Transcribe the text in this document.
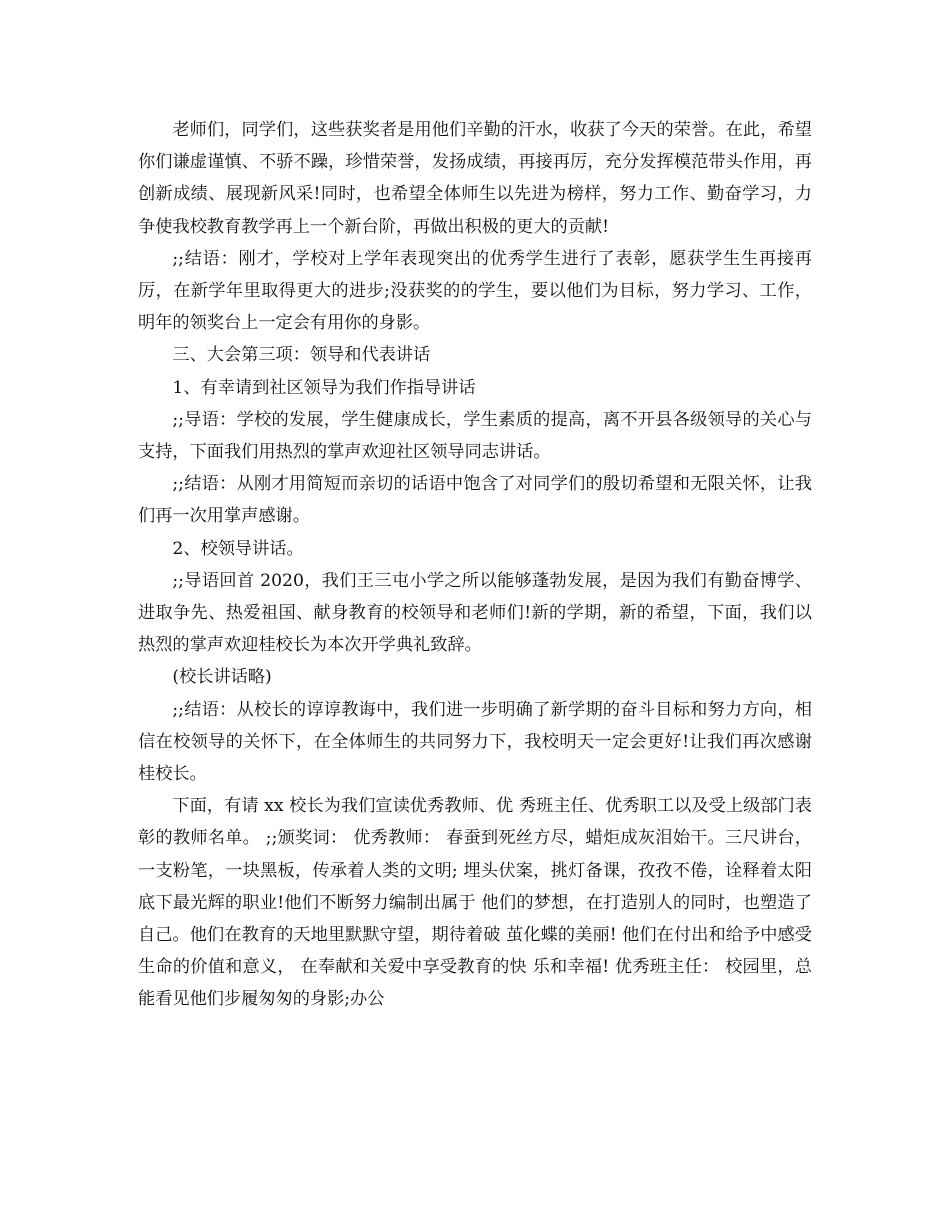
老师们，同学们，这些获奖者是用他们辛勤的汗水，收获了今天的荣誉。在此，希望你们谦虚谨慎、不骄不躁，珍惜荣誉，发扬成绩，再接再厉，充分发挥模范带头作用，再创新成绩、展现新风采!同时，也希望全体师生以先进为榜样，努力工作、勤奋学习，力争使我校教育教学再上一个新台阶，再做出积极的更大的贡献!

;;结语：刚才，学校对上学年表现突出的优秀学生进行了表彰，愿获学生生再接再厉，在新学年里取得更大的进步;没获奖的的学生，要以他们为目标，努力学习、工作，明年的领奖台上一定会有用你的身影。

三、大会第三项：领导和代表讲话

1、有幸请到社区领导为我们作指导讲话

;;导语：学校的发展，学生健康成长，学生素质的提高，离不开县各级领导的关心与支持，下面我们用热烈的掌声欢迎社区领导同志讲话。

;;结语：从刚才用简短而亲切的话语中饱含了对同学们的殷切希望和无限关怀，让我们再一次用掌声感谢。

2、校领导讲话。

;;导语回首 2020，我们王三屯小学之所以能够蓬勃发展，是因为我们有勤奋博学、进取争先、热爱祖国、献身教育的校领导和老师们!新的学期，新的希望，下面，我们以热烈的掌声欢迎桂校长为本次开学典礼致辞。

(校长讲话略)

;;结语：从校长的谆谆教诲中，我们进一步明确了新学期的奋斗目标和努力方向，相信在校领导的关怀下，在全体师生的共同努力下，我校明天一定会更好!让我们再次感谢桂校长。

下面，有请 xx 校长为我们宣读优秀教师、优 秀班主任、优秀职工以及受上级部门表彰的教师名单。 ;;颁奖词： 优秀教师： 春蚕到死丝方尽，蜡炬成灰泪始干。三尺讲台，一支粉笔，一块黑板，传承着人类的文明; 埋头伏案，挑灯备课，孜孜不倦，诠释着太阳底下最光辉的职业!他们不断努力编制出属于 他们的梦想，在打造别人的同时，也塑造了自己。他们在教育的天地里默默守望，期待着破 茧化蝶的美丽! 他们在付出和给予中感受生命的价值和意义， 在奉献和关爱中享受教育的快 乐和幸福! 优秀班主任： 校园里，总能看见他们步履匆匆的身影;办公
